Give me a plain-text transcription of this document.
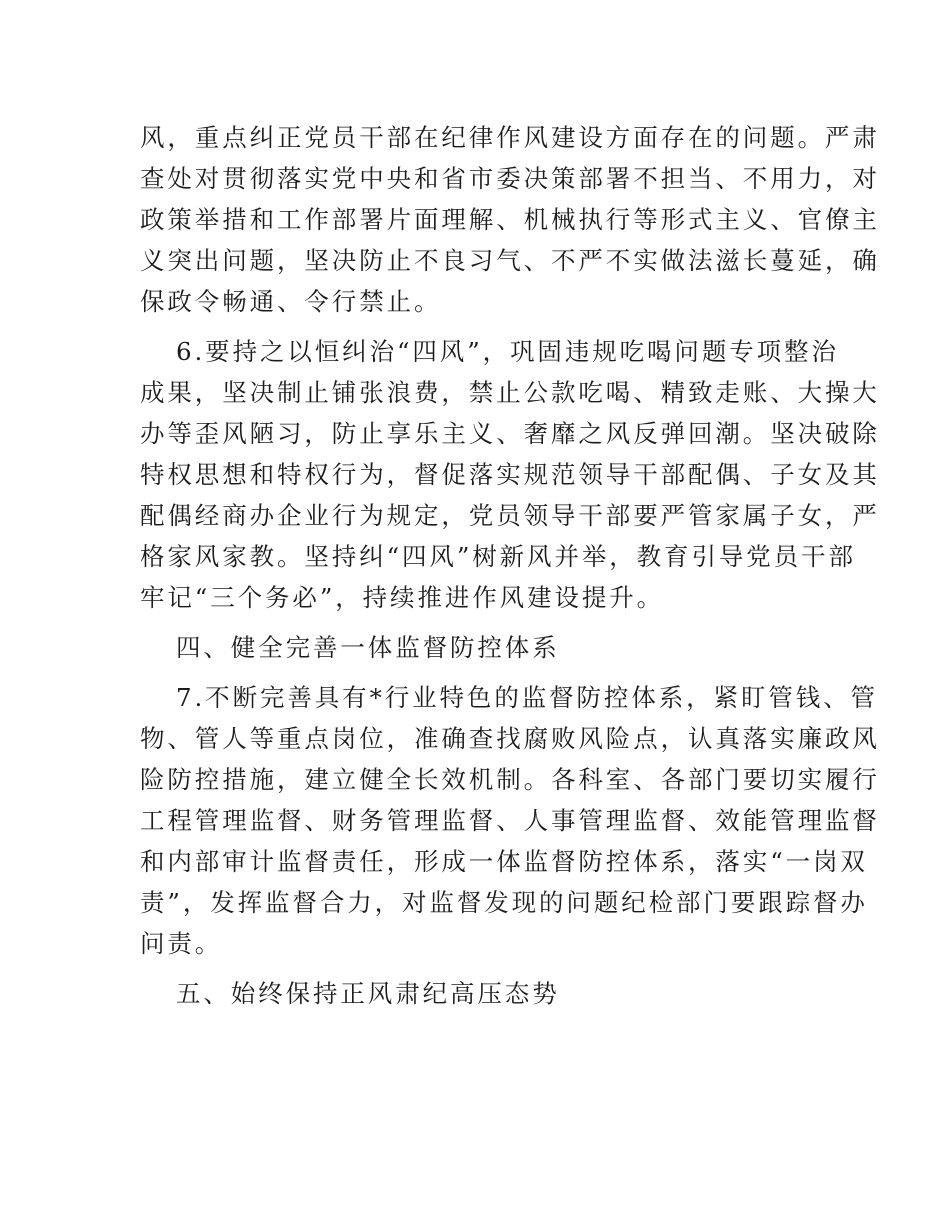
风，重点纠正党员干部在纪律作风建设方面存在的问题。严肃
查处对贯彻落实党中央和省市委决策部署不担当、不用力，对
政策举措和工作部署片面理解、机械执行等形式主义、官僚主
义突出问题，坚决防止不良习气、不严不实做法滋长蔓延，确
保政令畅通、令行禁止。

6.要持之以恒纠治“四风”，巩固违规吃喝问题专项整治
成果，坚决制止铺张浪费，禁止公款吃喝、精致走账、大操大
办等歪风陋习，防止享乐主义、奢靡之风反弹回潮。坚决破除
特权思想和特权行为，督促落实规范领导干部配偶、子女及其
配偶经商办企业行为规定，党员领导干部要严管家属子女，严
格家风家教。坚持纠“四风”树新风并举，教育引导党员干部
牢记“三个务必”，持续推进作风建设提升。

四、健全完善一体监督防控体系

7.不断完善具有*行业特色的监督防控体系，紧盯管钱、管
物、管人等重点岗位，准确查找腐败风险点，认真落实廉政风
险防控措施，建立健全长效机制。各科室、各部门要切实履行
工程管理监督、财务管理监督、人事管理监督、效能管理监督
和内部审计监督责任，形成一体监督防控体系，落实“一岗双
责”，发挥监督合力，对监督发现的问题纪检部门要跟踪督办
问责。

五、始终保持正风肃纪高压态势
